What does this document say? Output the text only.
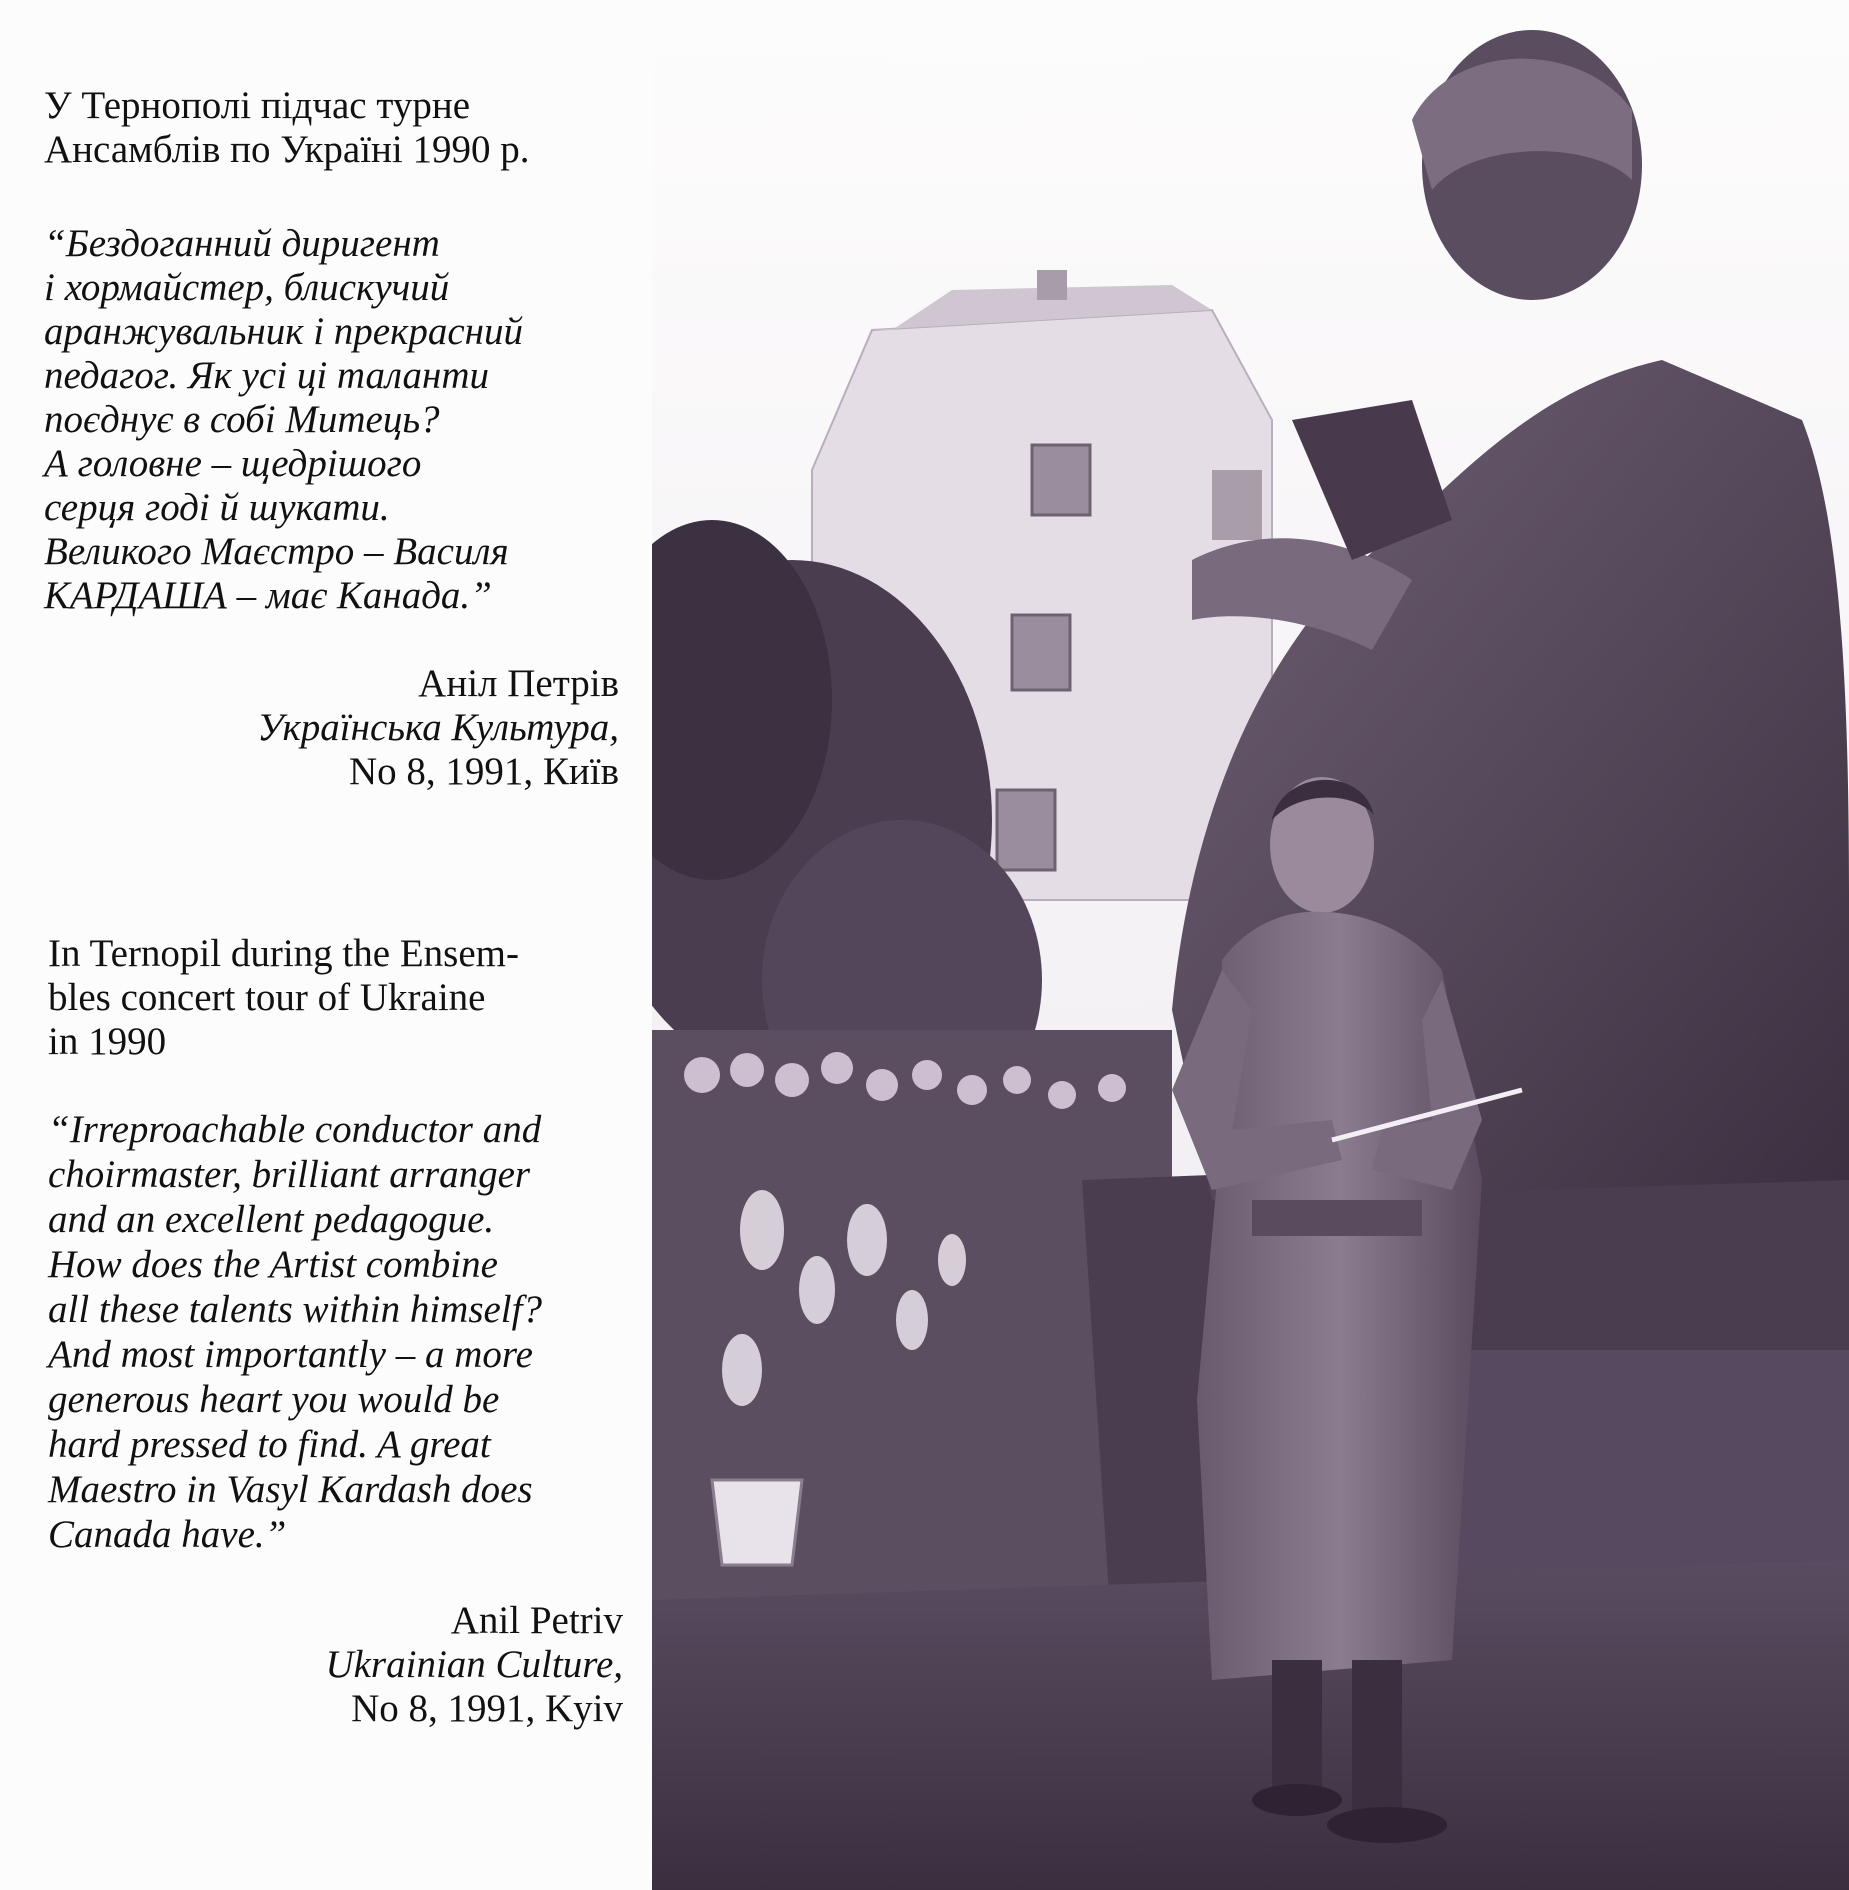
У Тернополі підчас турне
Ансамблів по Україні 1990 р.
“Бездоганний диригент
і хормайстер, блискучий
аранжувальник і прекрасний
педагог. Як усі ці таланти
поєднує в собі Митець?
А головне – щедрішого
серця годі й шукати.
Великого Маєстро – Василя
КАРДАША – має Канада.”
Аніл Петрів
Українська Культура,
No 8, 1991, Київ
In Ternopil during the Ensem-
bles concert tour of Ukraine
in 1990
“Irreproachable conductor and
choirmaster, brilliant arranger
and an excellent pedagogue.
How does the Artist combine
all these talents within himself?
And most importantly – a more
generous heart you would be
hard pressed to find. A great
Maestro in Vasyl Kardash does
Canada have.”
Anil Petriv
Ukrainian Culture,
No 8, 1991, Kyiv
